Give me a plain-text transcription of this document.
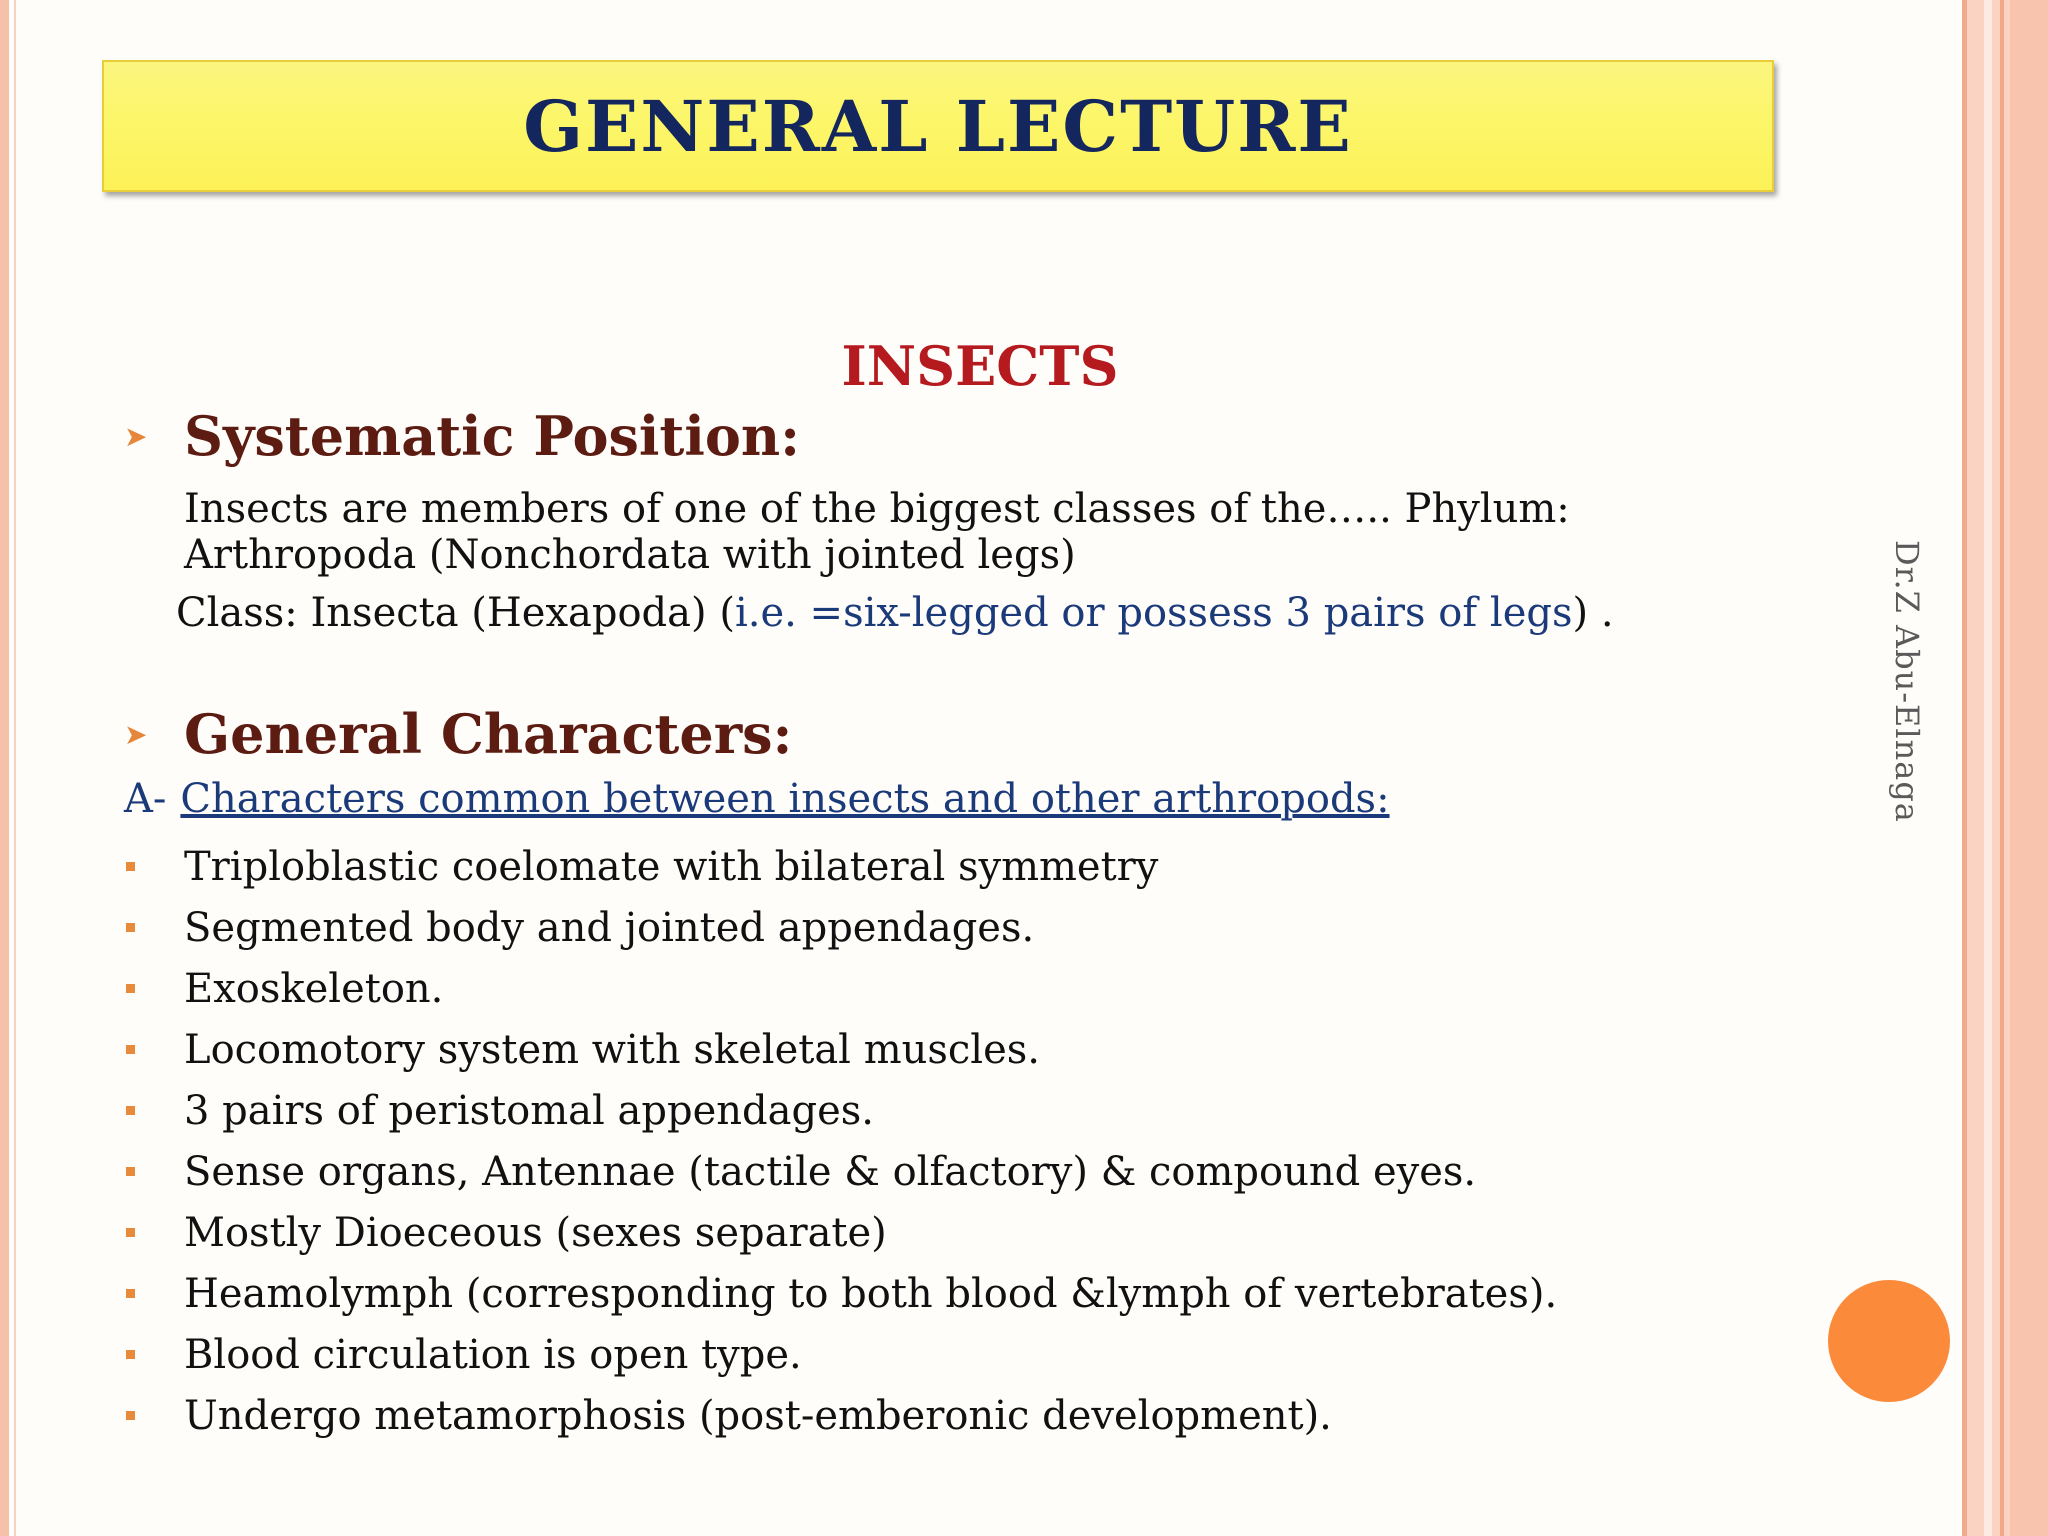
GENERAL LECTURE
INSECTS
➤ Systematic Position:
Insects are members of one of the biggest classes of the….. Phylum: Arthropoda (Nonchordata with jointed legs)
Class: Insecta (Hexapoda) (i.e. =six-legged or possess 3 pairs of legs) .
➤ General Characters:
A- Characters common between insects and other arthropods:
Triploblastic coelomate with bilateral symmetry
Segmented body and jointed appendages.
Exoskeleton.
Locomotory system with skeletal muscles.
3 pairs of peristomal appendages.
Sense organs, Antennae (tactile & olfactory) & compound eyes.
Mostly Dioeceous (sexes separate)
Heamolymph (corresponding to both blood &lymph of vertebrates).
Blood circulation is open type.
Undergo metamorphosis (post-emberonic development).
Dr.Z Abu-Elnaga
